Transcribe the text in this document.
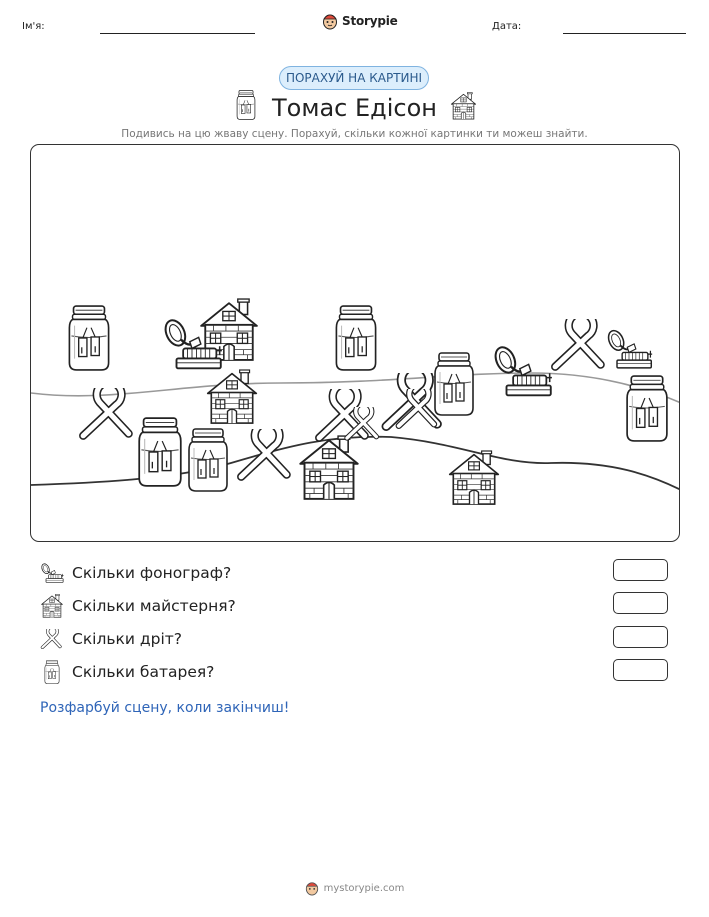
Ім'я:	Storypie	Дата:
ПОРАХУЙ НА КАРТИНІ
Томас Едісон
Подивись на цю жваву сцену. Порахуй, скільки кожної картинки ти можеш знайти.
Скільки фонограф?
Скільки майстерня?
Скільки дріт?
Скільки батарея?
Розфарбуй сцену, коли закінчиш!
mystorypie.com
